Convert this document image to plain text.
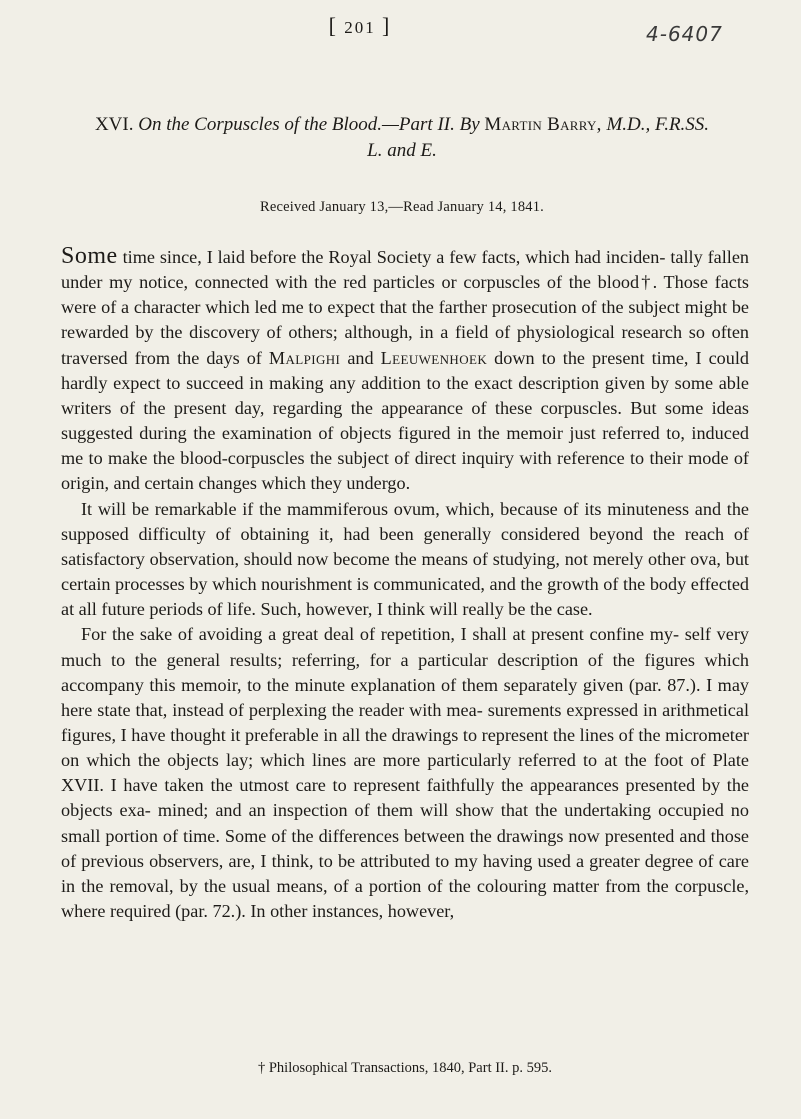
[ 201 ]	4-6407
XVI. On the Corpuscles of the Blood.—Part II. By Martin Barry, M.D., F.R.SS.
L. and E.
Received January 13,—Read January 14, 1841.

Some time since, I laid before the Royal Society a few facts, which had inciden- tally fallen under my notice, connected with the red particles or corpuscles of the blood†. Those facts were of a character which led me to expect that the farther prosecution of the subject might be rewarded by the discovery of others; although, in a field of physiological research so often traversed from the days of Malpighi and Leeuwenhoek down to the present time, I could hardly expect to succeed in making any addition to the exact description given by some able writers of the present day, regarding the appearance of these corpuscles. But some ideas suggested during the examination of objects figured in the memoir just referred to, induced me to make the blood-corpuscles the subject of direct inquiry with reference to their mode of origin, and certain changes which they undergo.

It will be remarkable if the mammiferous ovum, which, because of its minuteness and the supposed difficulty of obtaining it, had been generally considered beyond the reach of satisfactory observation, should now become the means of studying, not merely other ova, but certain processes by which nourishment is communicated, and the growth of the body effected at all future periods of life. Such, however, I think will really be the case.

For the sake of avoiding a great deal of repetition, I shall at present confine my- self very much to the general results; referring, for a particular description of the figures which accompany this memoir, to the minute explanation of them separately given (par. 87.). I may here state that, instead of perplexing the reader with mea- surements expressed in arithmetical figures, I have thought it preferable in all the drawings to represent the lines of the micrometer on which the objects lay; which lines are more particularly referred to at the foot of Plate XVII. I have taken the utmost care to represent faithfully the appearances presented by the objects exa- mined; and an inspection of them will show that the undertaking occupied no small portion of time. Some of the differences between the drawings now presented and those of previous observers, are, I think, to be attributed to my having used a greater degree of care in the removal, by the usual means, of a portion of the colouring matter from the corpuscle, where required (par. 72.). In other instances, however,

† Philosophical Transactions, 1840, Part II. p. 595.
